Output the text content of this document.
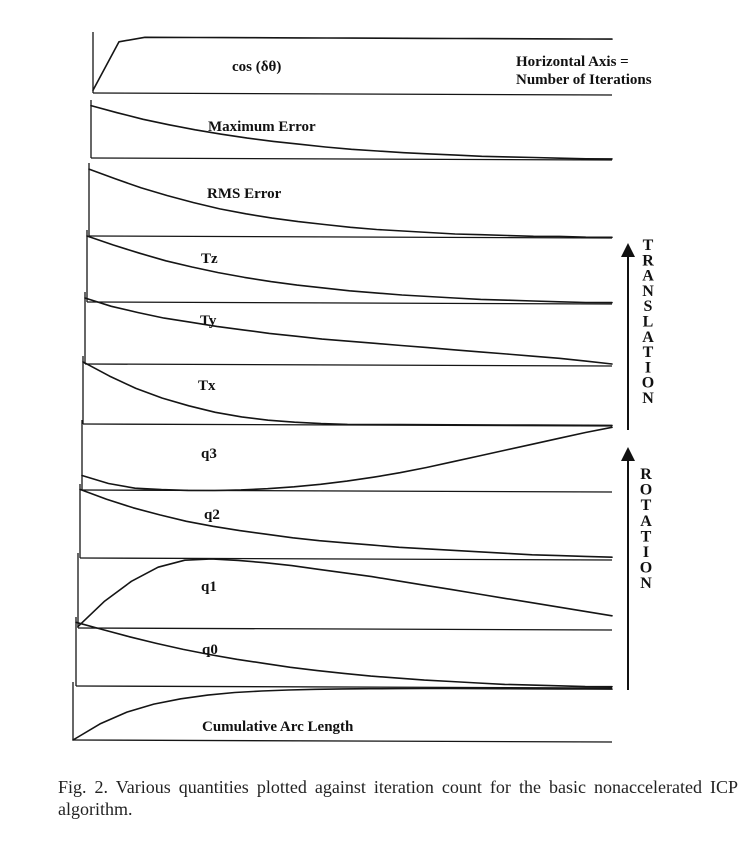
cos (δθ)
Maximum Error
RMS Error
Tz
Ty
Tx
q3
q2
q1
q0
Cumulative Arc Length
T
R
A
N
S
L
A
T
I
O
N
R
O
T
A
T
I
O
N
Horizontal Axis =
Number of Iterations

Fig. 2. Various quantities plotted against iteration count for the basic nonaccelerated ICP algorithm.
